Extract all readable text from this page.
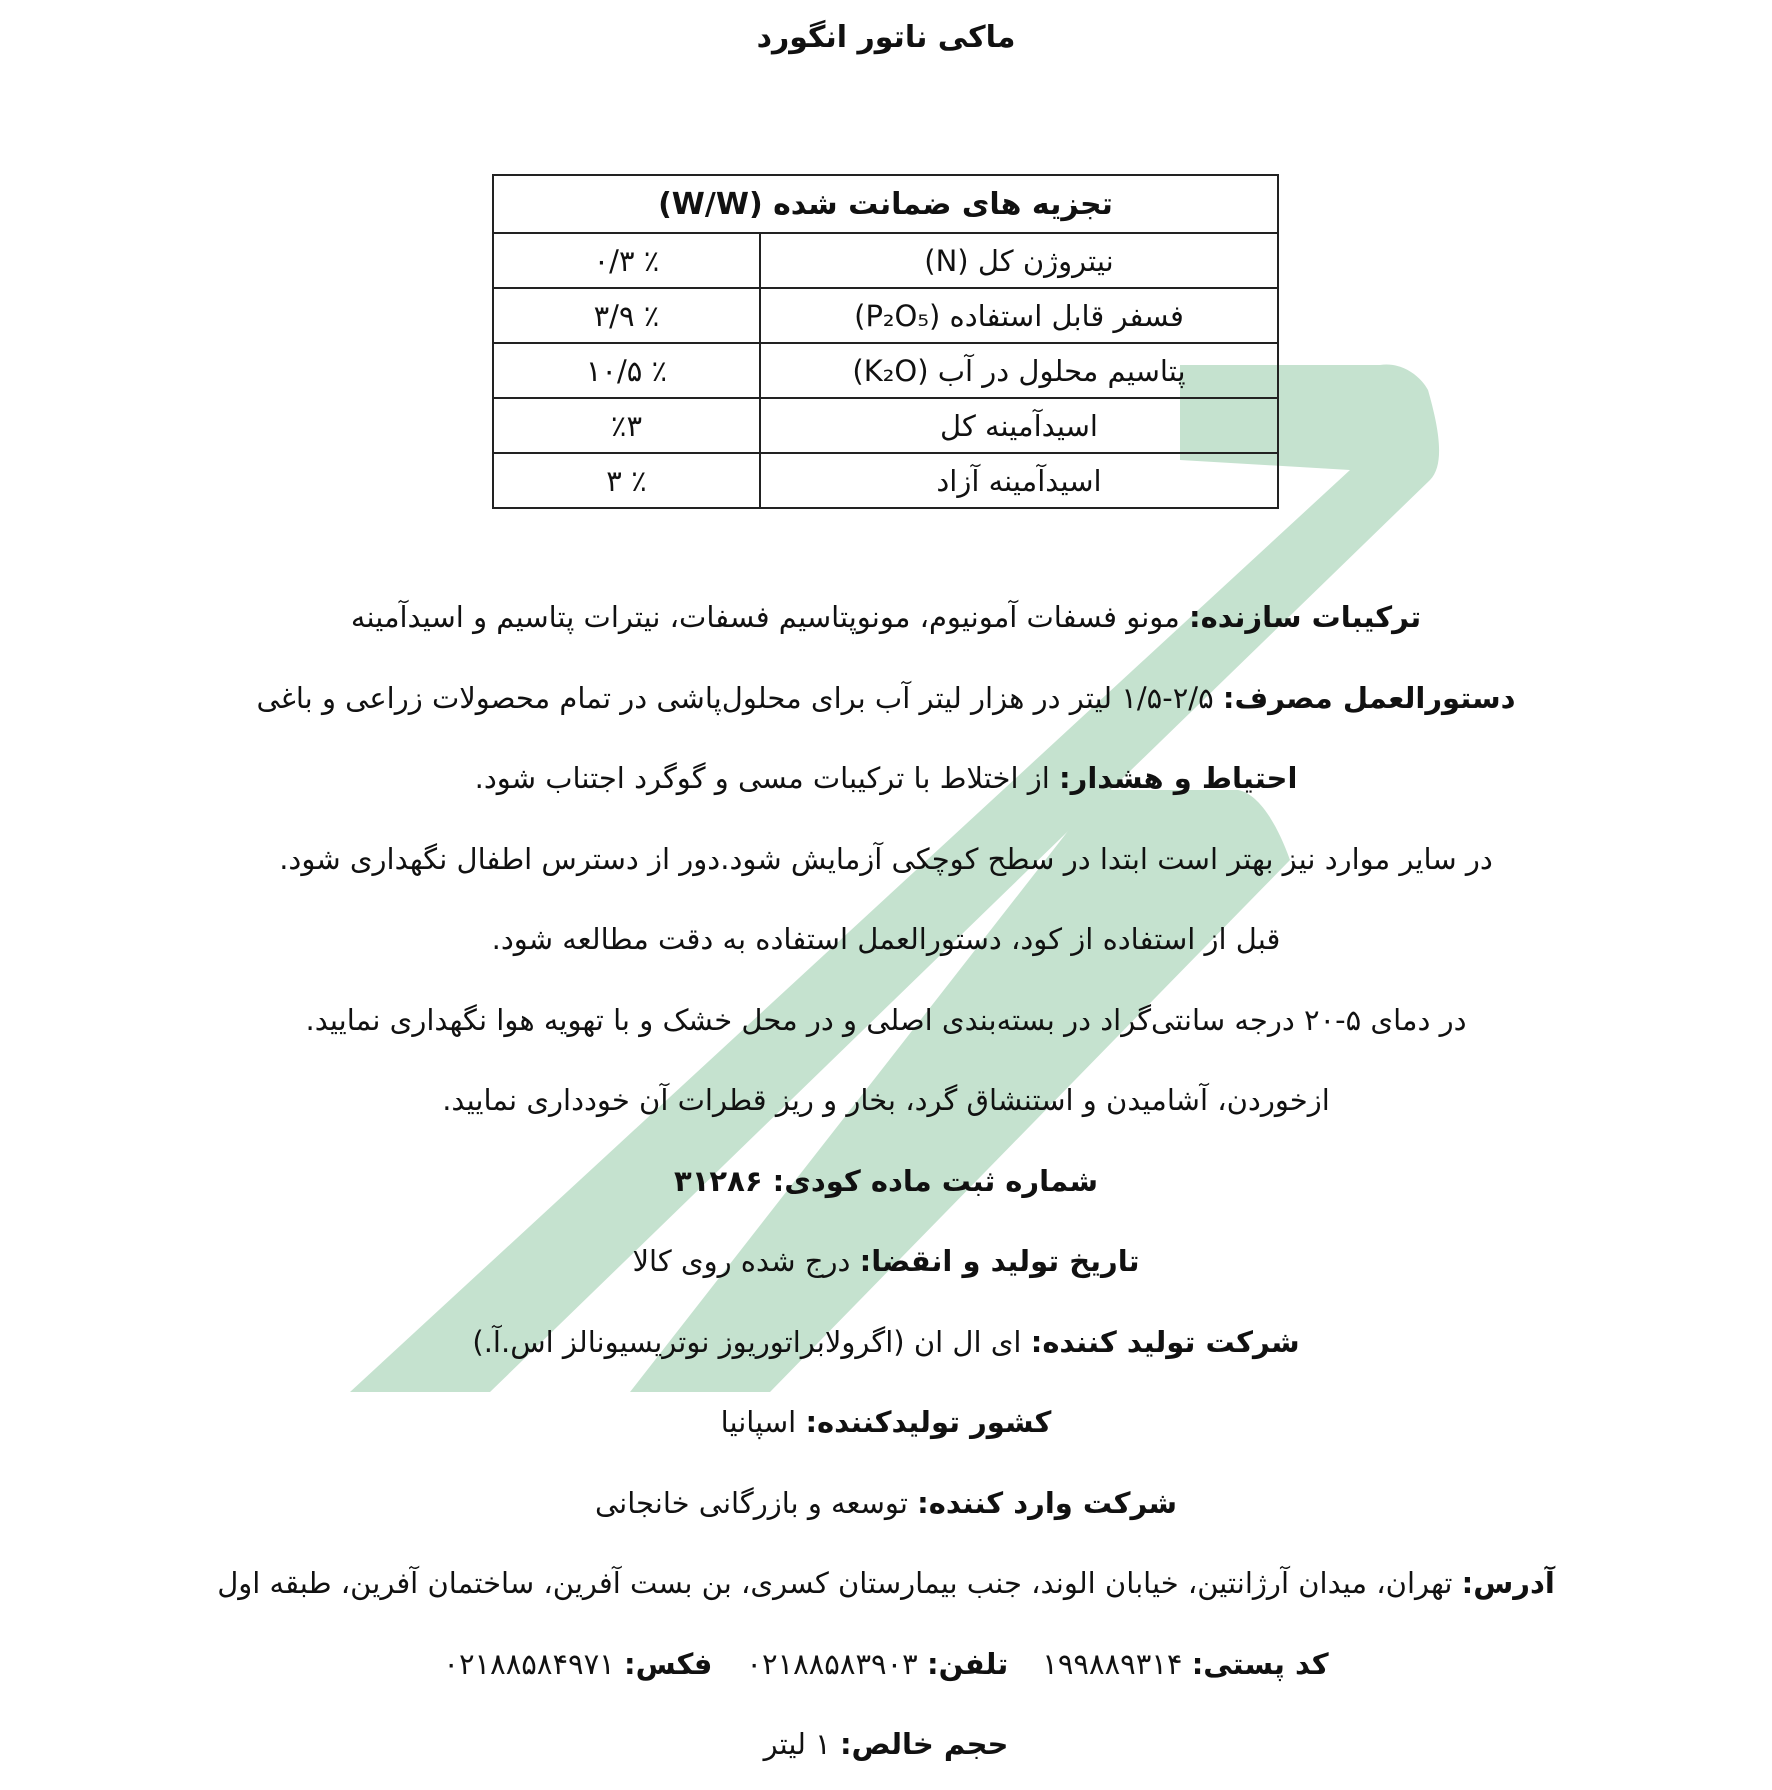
ماکی ناتور انگورد
تجزیه های ضمانت شده (W/W)	
نیتروژن کل (N)	٪ ۰/۳
فسفر قابل استفاده (P₂O₅)	٪ ۳/۹
پتاسیم محلول در آب (K₂O)	٪ ۱۰/۵
اسیدآمینه کل	٪۳
اسیدآمینه آزاد	٪ ۳
ترکیبات سازنده: مونو فسفات آمونیوم، مونوپتاسیم فسفات، نیترات پتاسیم و اسیدآمینه
دستورالعمل مصرف: ۲/۵-۱/۵ لیتر در هزار لیتر آب برای محلول‌پاشی در تمام محصولات زراعی و باغی
احتیاط و هشدار: از اختلاط با ترکیبات مسی و گوگرد اجتناب شود.
در سایر موارد نیز بهتر است ابتدا در سطح کوچکی آزمایش شود.دور از دسترس اطفال نگهداری شود.
قبل از استفاده از کود، دستورالعمل استفاده به دقت مطالعه شود.
در دمای ۵-۲۰ درجه سانتی‌گراد در بسته‌بندی اصلی و در محل خشک و با تهویه هوا نگهداری نمایید.
ازخوردن، آشامیدن و استنشاق گرد، بخار و ریز قطرات آن خودداری نمایید.
شماره ثبت ماده کودی: ۳۱۲۸۶
تاریخ تولید و انقضا: درج شده روی کالا
شرکت تولید کننده: ای ال ان (اگرولابراتوریوز نوتریسیونالز اس.آ.)
کشور تولیدکننده: اسپانیا
شرکت وارد کننده: توسعه و بازرگانی خانجانی
آدرس: تهران، میدان آرژانتین، خیابان الوند، جنب بیمارستان کسری، بن بست آفرین، ساختمان آفرین، طبقه اول
کد پستی: ۱۹۹۸۸۹۳۱۴تلفن: ۰۲۱۸۸۵۸۳۹۰۳فکس: ۰۲۱۸۸۵۸۴۹۷۱
حجم خالص: ۱ لیتر
